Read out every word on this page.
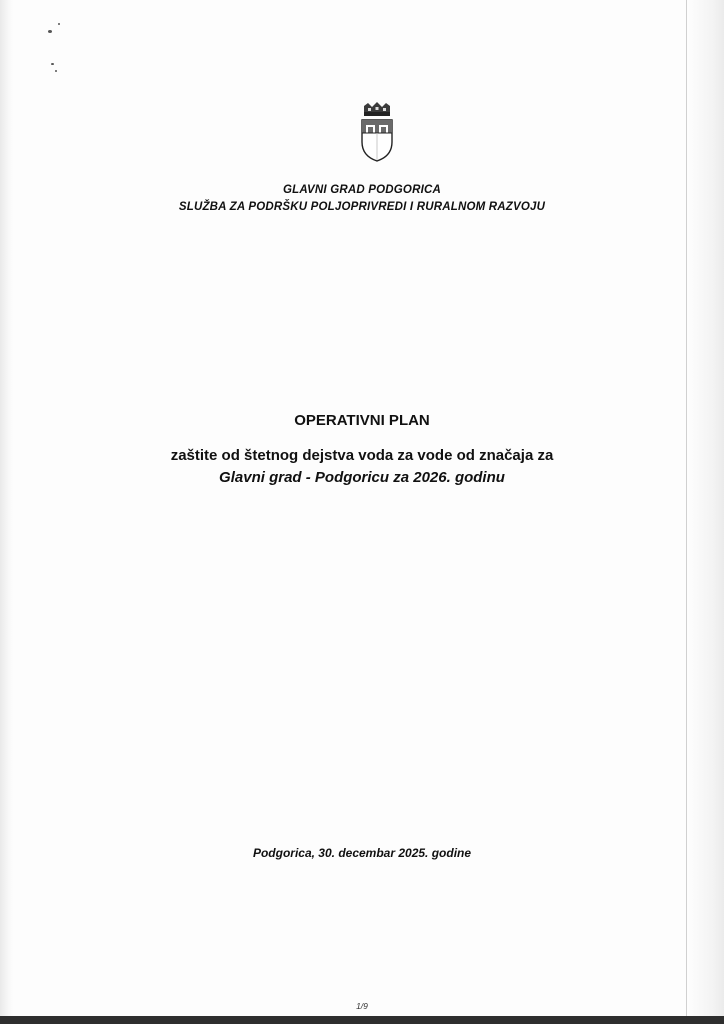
GLAVNI GRAD PODGORICA
SLUŽBA ZA PODRŠKU POLJOPRIVREDI I RURALNOM RAZVOJU
OPERATIVNI PLAN
zaštite od štetnog dejstva voda za vode od značaja za
Glavni grad - Podgoricu za 2026. godinu
Podgorica, 30. decembar 2025. godine
1/9
